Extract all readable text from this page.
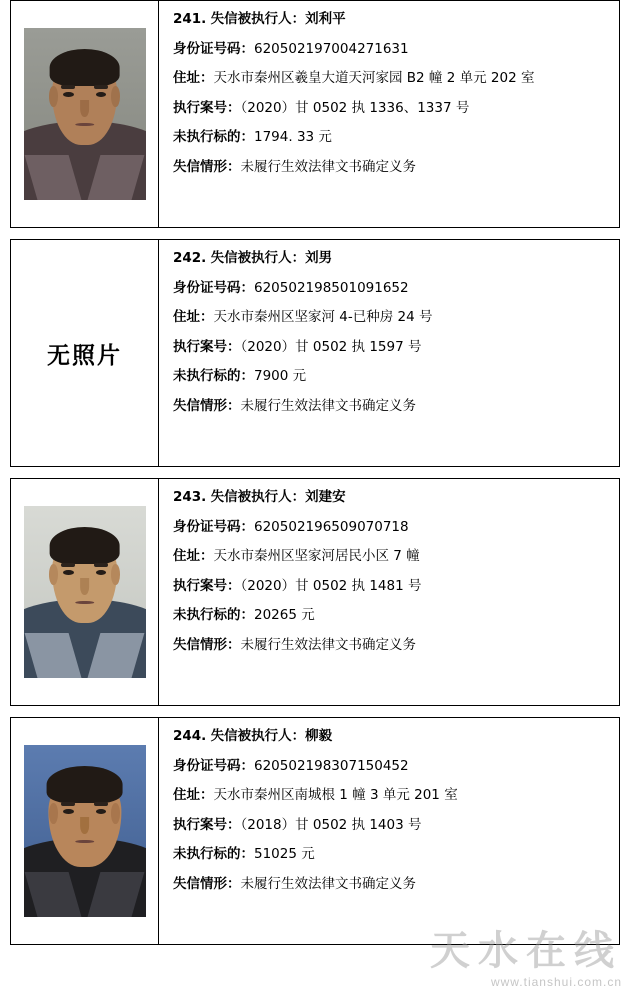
241. 失信被执行人：刘利平
身份证号码：620502197004271631
住址：天水市秦州区羲皇大道天河家园 B2 幢 2 单元 202 室
执行案号：（2020）甘 0502 执 1336、1337 号
未执行标的：1794. 33 元
失信情形：未履行生效法律文书确定义务
无照片
242. 失信被执行人：刘男
身份证号码：620502198501091652
住址：天水市秦州区坚家河 4-已种房 24 号
执行案号：（2020）甘 0502 执 1597 号
未执行标的：7900 元
失信情形：未履行生效法律文书确定义务
243. 失信被执行人：刘建安
身份证号码：620502196509070718
住址：天水市秦州区坚家河居民小区 7 幢
执行案号：（2020）甘 0502 执 1481 号
未执行标的：20265 元
失信情形：未履行生效法律文书确定义务
244. 失信被执行人：柳毅
身份证号码：620502198307150452
住址：天水市秦州区南城根 1 幢 3 单元 201 室
执行案号：（2018）甘 0502 执 1403 号
未执行标的：51025 元
失信情形：未履行生效法律文书确定义务
天水在线
www.tianshui.com.cn
